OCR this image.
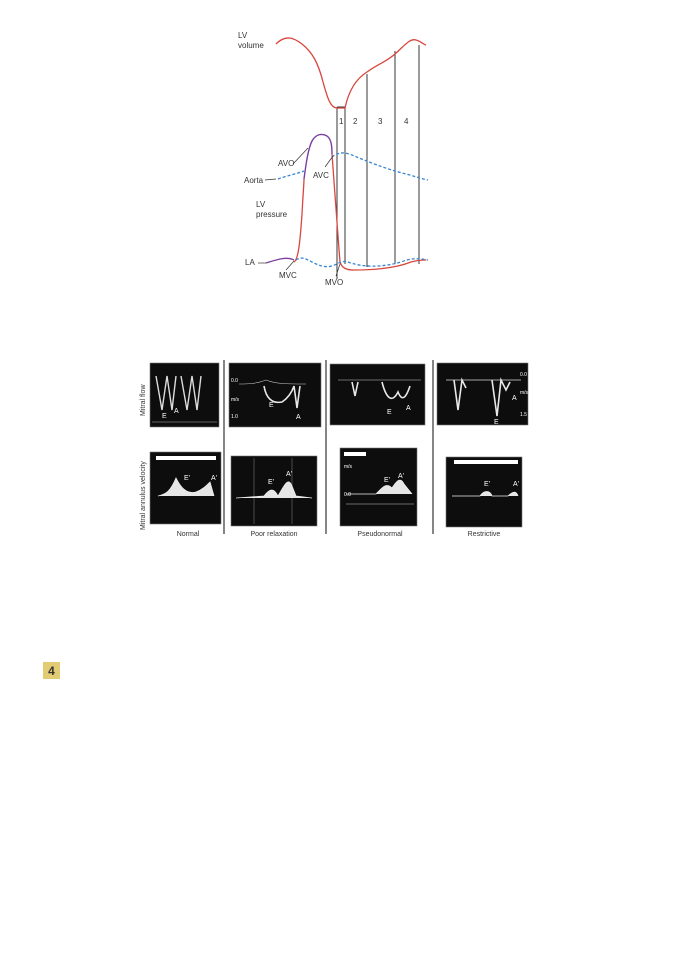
LV
volume
AVO
AVC
Aorta
LV
pressure
LA
MVC
MVO
1 2	3	4
Mitral flow
Mitral annulus velocity
E
A
0.0
m/s
1.0
E
A
E
A
0.0
m/s
1.5
A
E
E'	A'
E'
A'
m/s
0.0
E'
A'
E'	A'
Normal	Poor relaxation	Pseudonormal	Restrictive
4
